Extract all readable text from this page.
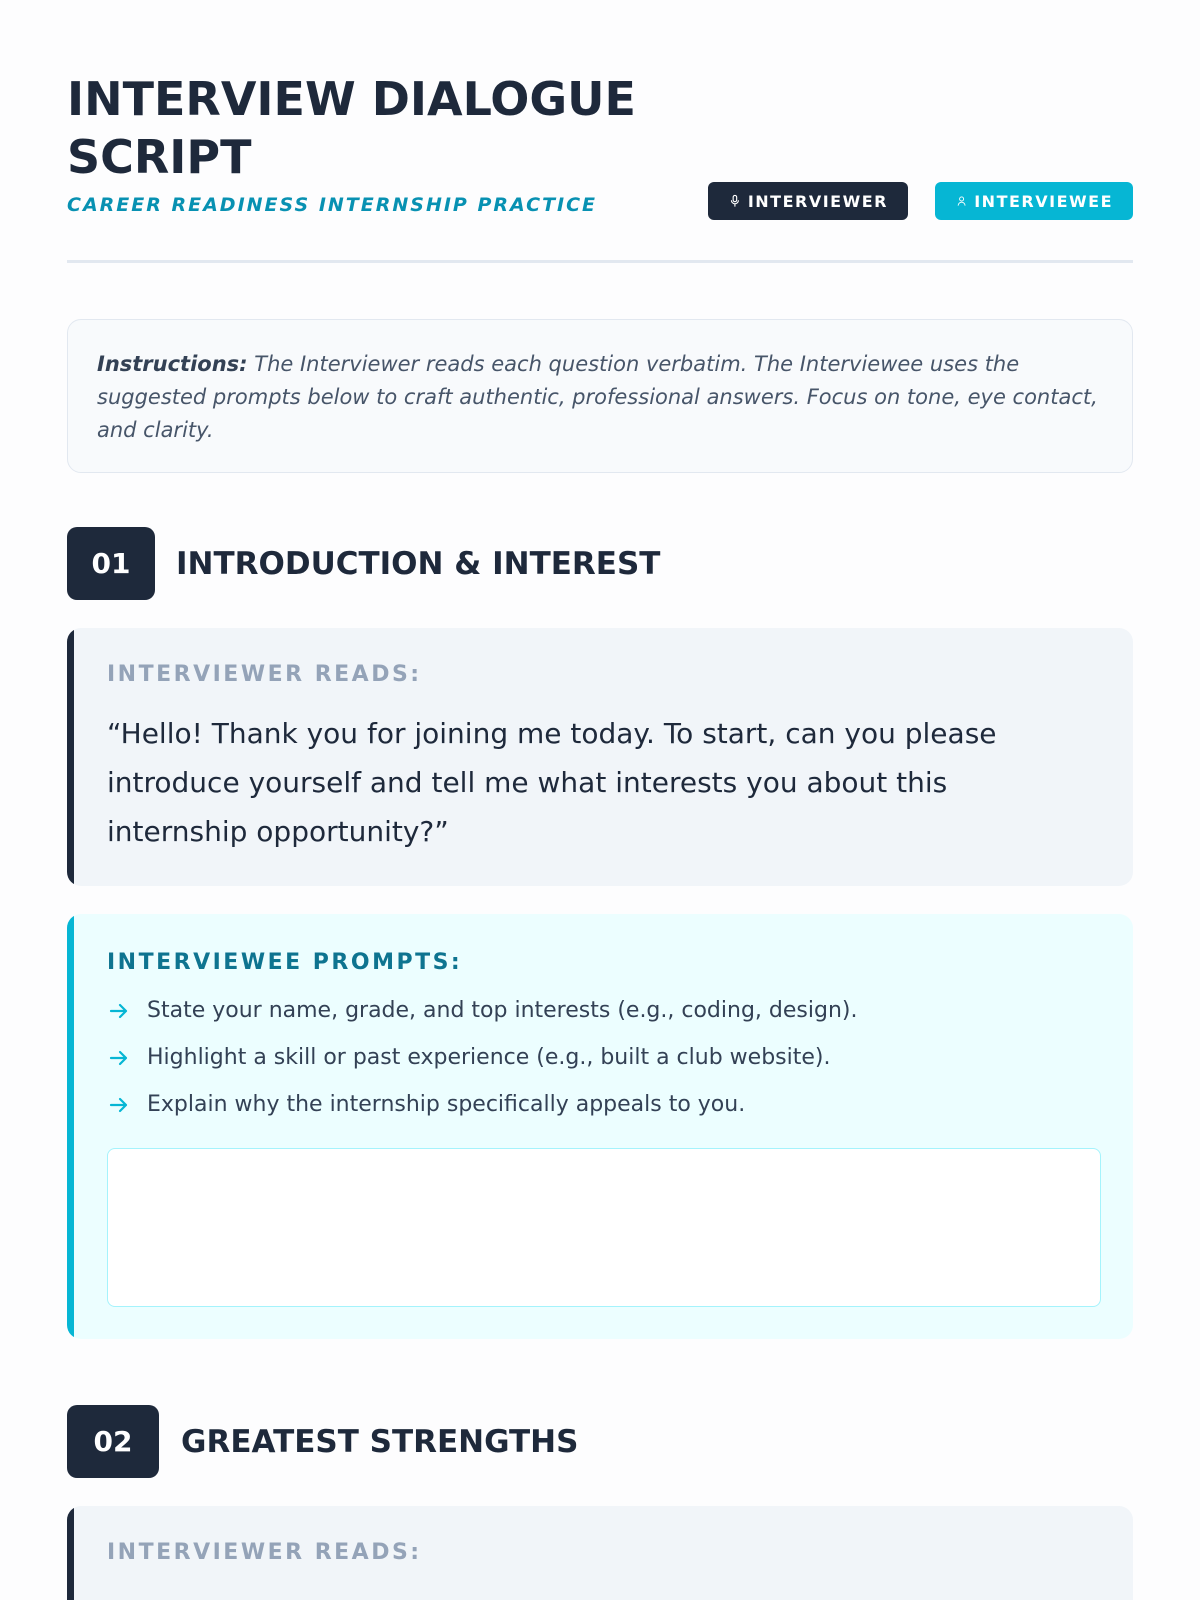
INTERVIEW DIALOGUE SCRIPT
CAREER READINESS INTERNSHIP PRACTICE	INTERVIEWER	INTERVIEWEE
Instructions: The Interviewer reads each question verbatim. The Interviewee uses the suggested prompts below to craft authentic, professional answers. Focus on tone, eye contact, and clarity.
01	INTRODUCTION & INTEREST
INTERVIEWER READS:

“Hello! Thank you for joining me today. To start, can you please introduce yourself and tell me what interests you about this internship opportunity?”

INTERVIEWEE PROMPTS:
State your name, grade, and top interests (e.g., coding, design).
Highlight a skill or past experience (e.g., built a club website).
Explain why the internship specifically appeals to you.
02	GREATEST STRENGTHS
INTERVIEWER READS:
